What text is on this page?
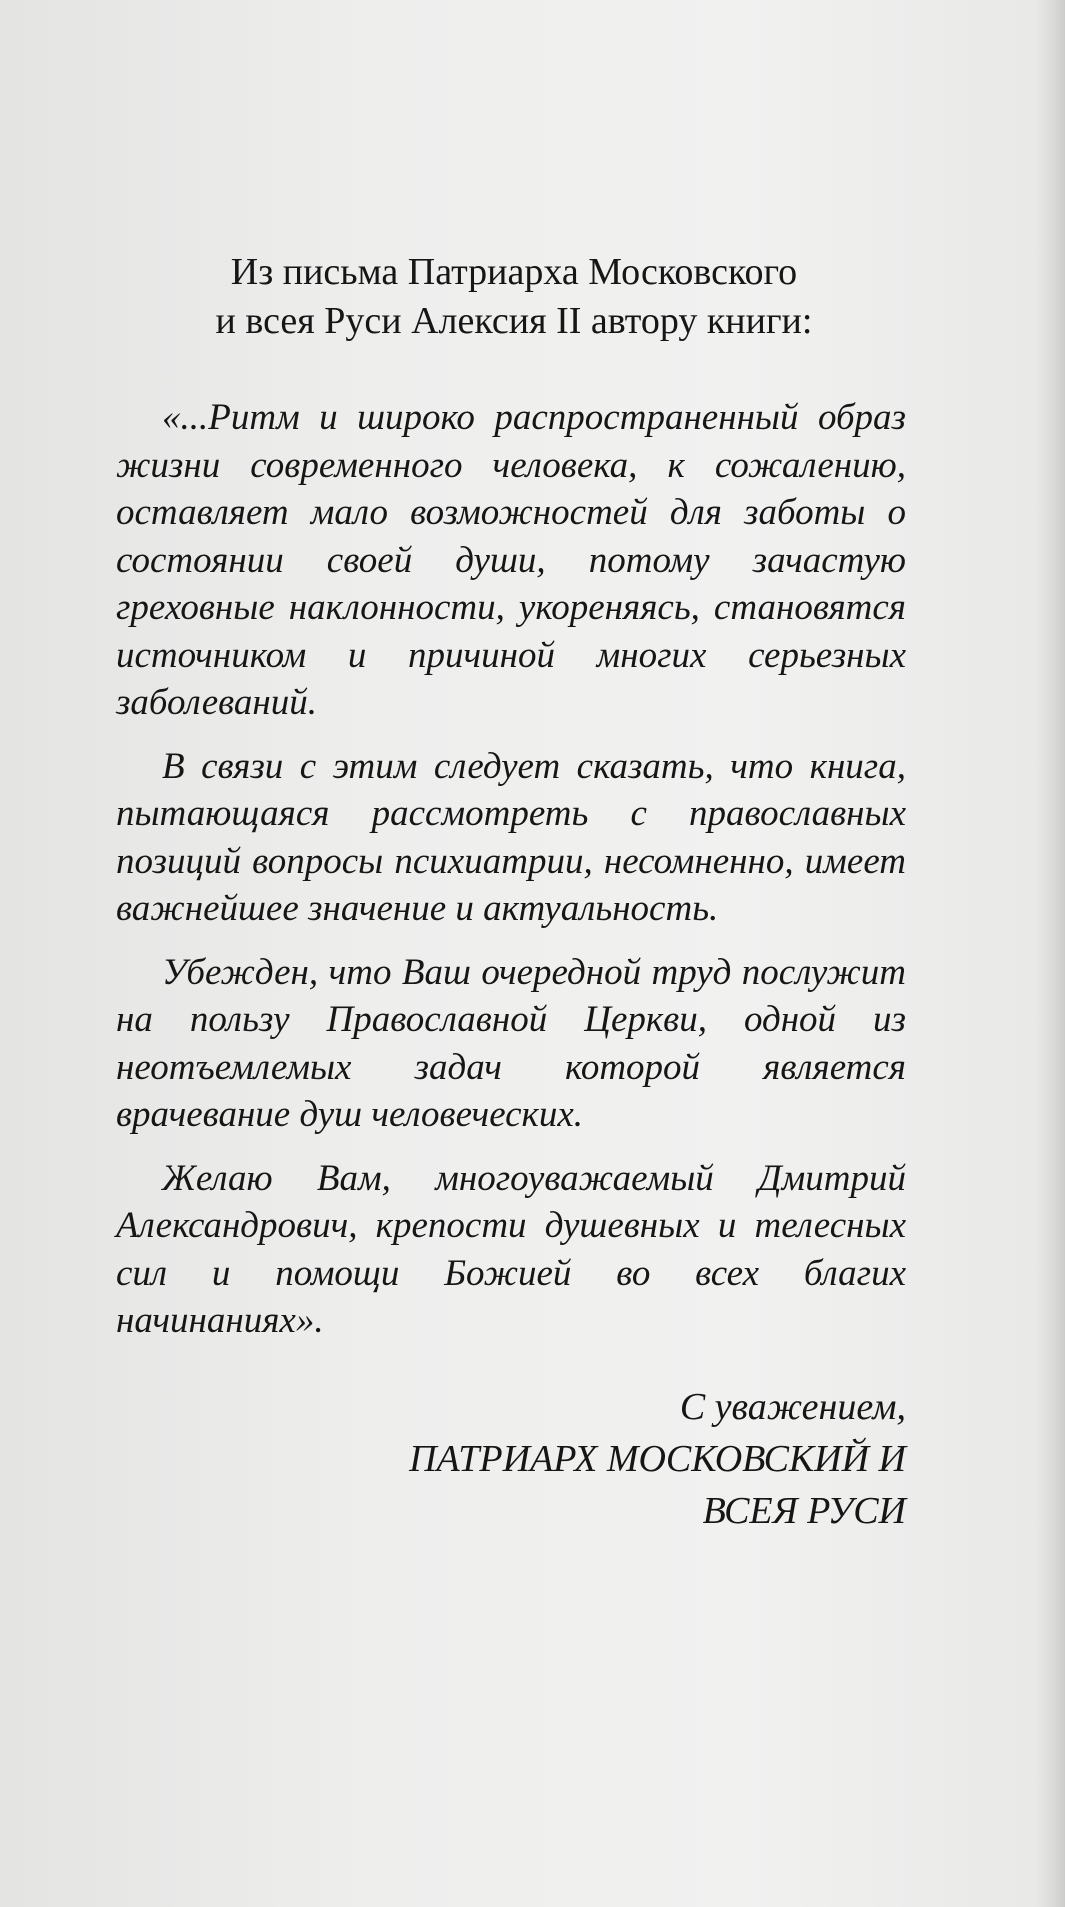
Из письма Патриарха Московского
и всея Руси Алексия II автору книги:

«...Ритм и широко распространенный образ жизни современного человека, к сожалению, оставляет мало возможностей для заботы о состоянии своей души, потому зачастую греховные наклонности, укореняясь, становятся источником и причиной многих серьезных заболеваний.

В связи с этим следует сказать, что книга, пытающаяся рассмотреть с православных позиций вопросы психиатрии, несомненно, имеет важнейшее значение и актуальность.

Убежден, что Ваш очередной труд послужит на пользу Православной Церкви, одной из неотъемлемых задач которой является врачевание душ человеческих.

Желаю Вам, многоуважаемый Дмитрий Александрович, крепости душевных и телесных сил и помощи Божией во всех благих начинаниях».

С уважением,
ПАТРИАРХ МОСКОВСКИЙ И
ВСЕЯ РУСИ
